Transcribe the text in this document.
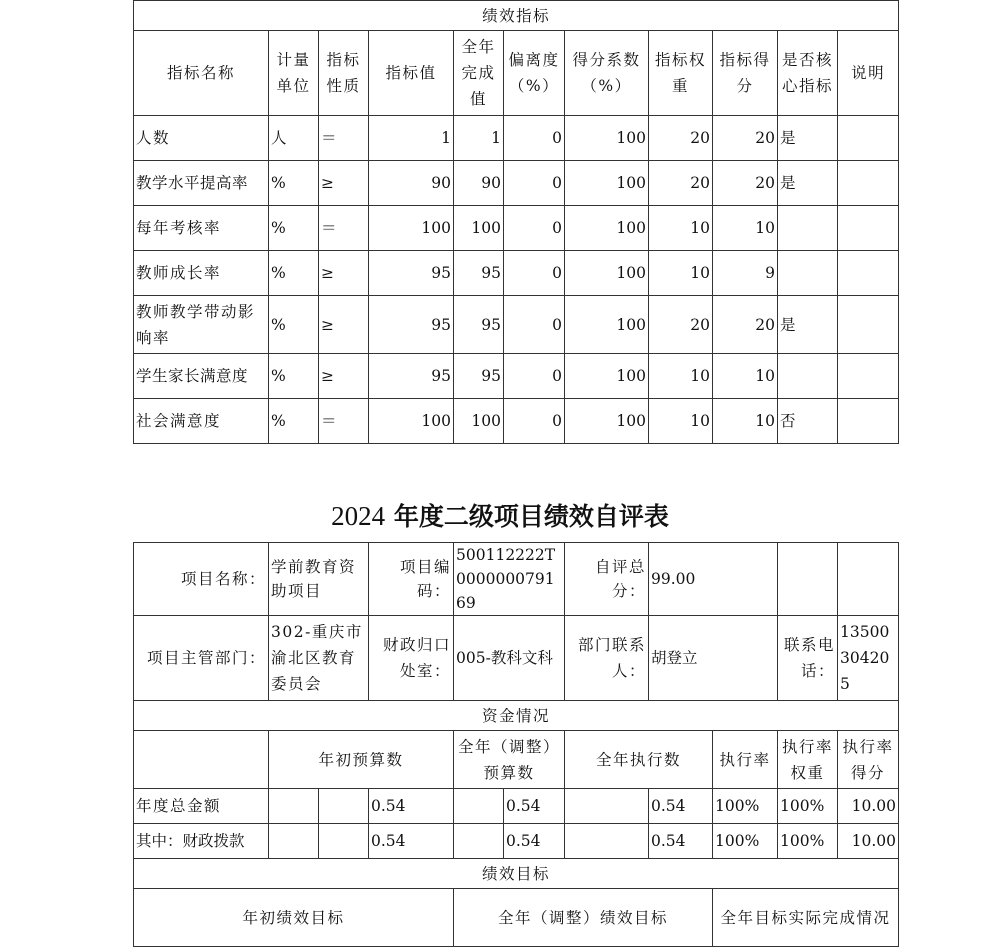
绩效指标										
指标名称	计量单位	指标性质	指标值	全年完成值	偏离度（%）	得分系数（%）	指标权重	指标得分	是否核心指标	说明
人数	人	＝	1	1	0	100	20	20	是	
教学水平提高率	%	≥	90	90	0	100	20	20	是	
每年考核率	%	＝	100	100	0	100	10	10		
教师成长率	%	≥	95	95	0	100	10	9		
教师教学带动影响率	%	≥	95	95	0	100	20	20	是	
学生家长满意度	%	≥	95	95	0	100	10	10		
社会满意度	%	＝	100	100	0	100	10	10	否	
2024 年度二级项目绩效自评表
项目名称：	学前教育资助项目		项目编码：	500112222T000000079169		自评总分：	99.00			
项目主管部门：	302-重庆市渝北区教育委员会		财政归口处室：	005-教科文科		部门联系人：	胡登立		联系电话：	13500304205
资金情况										
	年初预算数			全年（调整）预算数		全年执行数		执行率	执行率权重	执行率得分
年度总金额			0.54		0.54		0.54	100%	100%	10.00
其中：财政拨款			0.54		0.54		0.54	100%	100%	10.00
绩效目标										
年初绩效目标				全年（调整）绩效目标				全年目标实际完成情况		
